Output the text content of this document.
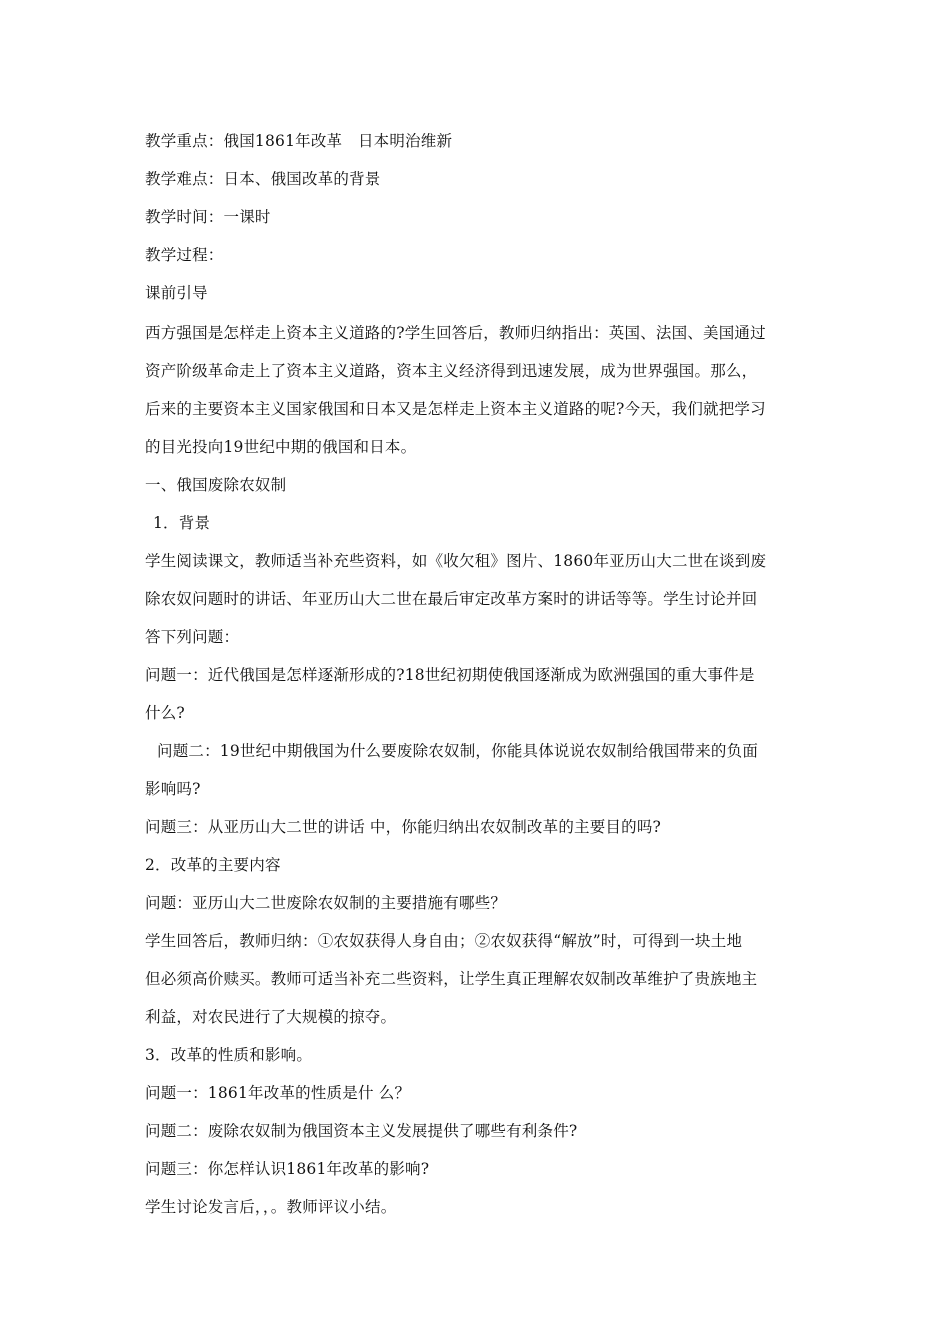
教学重点：俄国1861年改革　日本明治维新
教学难点：日本、俄国改革的背景
教学时间：一课时
教学过程：
课前引导
西方强国是怎样走上资本主义道路的?学生回答后，教师归纳指出：英国、法国、美国通过
资产阶级革命走上了资本主义道路，资本主义经济得到迅速发展，成为世界强国。那么，
后来的主要资本主义国家俄国和日本又是怎样走上资本主义道路的呢?今天，我们就把学习
的目光投向19世纪中期的俄国和日本。
一、俄国废除农奴制
1．背景
学生阅读课文，教师适当补充些资料，如《收欠租》图片、1860年亚历山大二世在谈到废
除农奴问题时的讲话、年亚历山大二世在最后审定改革方案时的讲话等等。学生讨论并回
答下列问题：
问题一：近代俄国是怎样逐渐形成的?18世纪初期使俄国逐渐成为欧洲强国的重大事件是
什么?
问题二：19世纪中期俄国为什么要废除农奴制，你能具体说说农奴制给俄国带来的负面
影响吗?
问题三：从亚历山大二世的讲话 中，你能归纳出农奴制改革的主要目的吗?
2．改革的主要内容
问题：亚历山大二世废除农奴制的主要措施有哪些？
学生回答后，教师归纳：①农奴获得人身自由；②农奴获得“解放”时，可得到一块土地
但必须高价赎买。教师可适当补充二些资料，让学生真正理解农奴制改革维护了贵族地主
利益，对农民进行了大规模的掠夺。
3．改革的性质和影响。
问题一：1861年改革的性质是什 么？
问题二：废除农奴制为俄国资本主义发展提供了哪些有利条件?
问题三：你怎样认识1861年改革的影响?
学生讨论发言后，，。教师评议小结。
